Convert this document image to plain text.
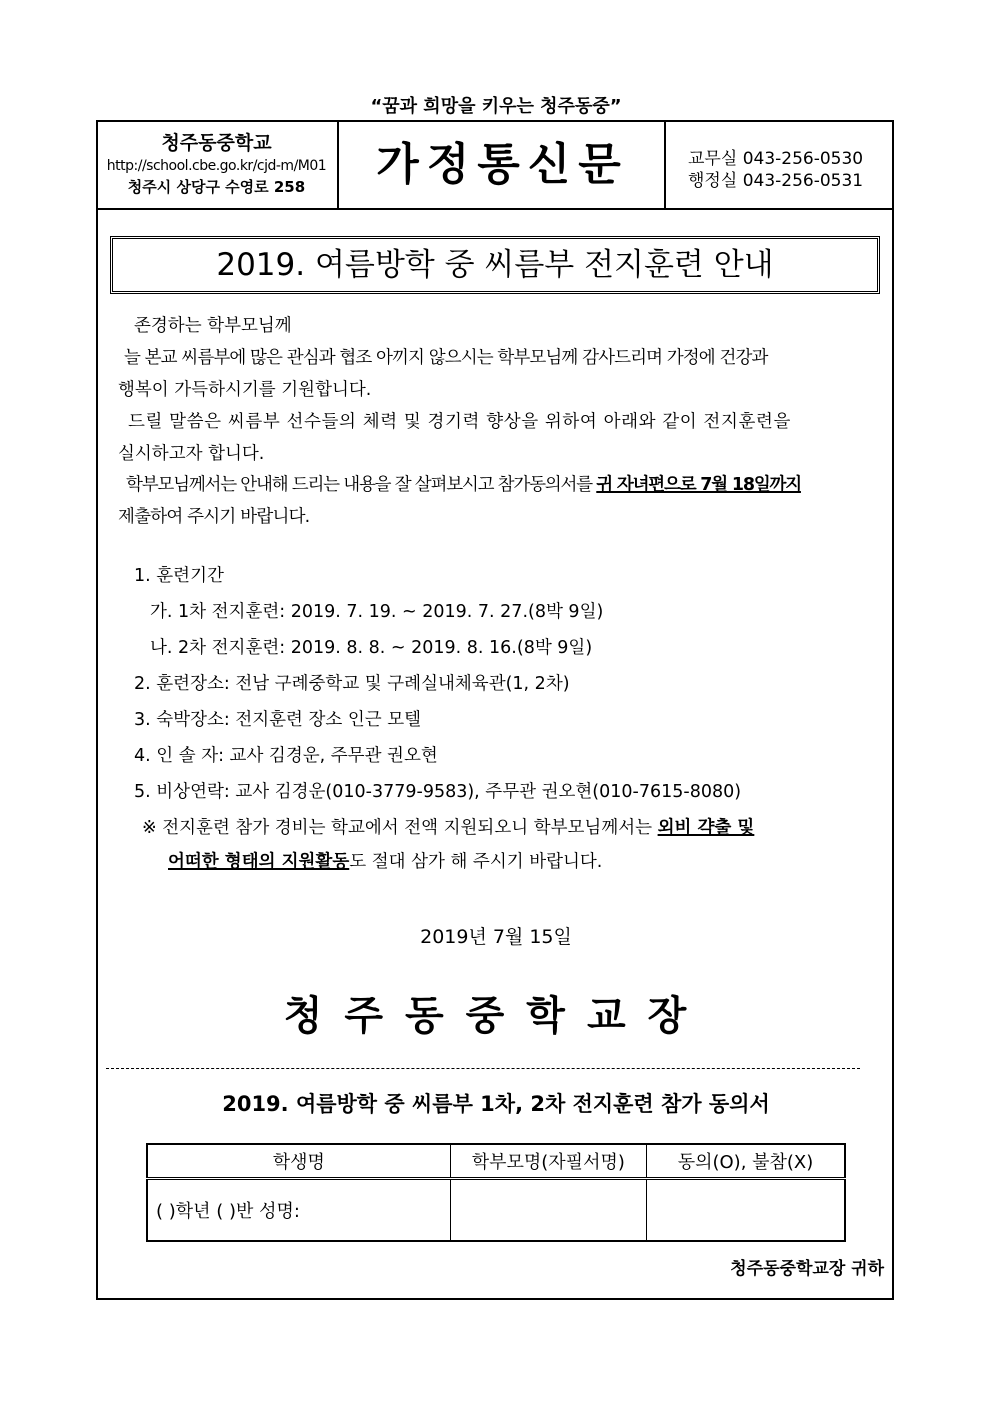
“꿈과 희망을 키우는 청주동중”
청주동중학교
http://school.cbe.go.kr/cjd-m/M01
청주시 상당구 수영로 258	가정통신문	교무실 043-256-0530
행정실 043-256-0531
2019. 여름방학 중 씨름부 전지훈련 안내
존경하는 학부모님께
늘 본교 씨름부에 많은 관심과 협조 아끼지 않으시는 학부모님께 감사드리며 가정에 건강과
행복이 가득하시기를 기원합니다.
드릴 말씀은 씨름부 선수들의 체력 및 경기력 향상을 위하여 아래와 같이 전지훈련을
실시하고자 합니다.
학부모님께서는 안내해 드리는 내용을 잘 살펴보시고 참가동의서를 귀 자녀편으로 7월 18일까지
제출하여 주시기 바랍니다.
1. 훈련기간
가. 1차 전지훈련: 2019. 7. 19. ~ 2019. 7. 27.(8박 9일)
나. 2차 전지훈련: 2019. 8. 8. ~ 2019. 8. 16.(8박 9일)
2. 훈련장소: 전남 구례중학교 및 구례실내체육관(1, 2차)
3. 숙박장소: 전지훈련 장소 인근 모텔
4. 인 솔 자: 교사 김경운, 주무관 권오현
5. 비상연락: 교사 김경운(010-3779-9583), 주무관 권오현(010-7615-8080)
※ 전지훈련 참가 경비는 학교에서 전액 지원되오니 학부모님께서는 외비 갹출 및
어떠한 형태의 지원활동도 절대 삼가 해 주시기 바랍니다.
2019년 7월 15일
청주동중학교장
2019. 여름방학 중 씨름부 1차, 2차 전지훈련 참가 동의서
학생명	학부모명(자필서명)	동의(O), 불참(X)
( )학년 ( )반 성명:		
청주동중학교장 귀하
